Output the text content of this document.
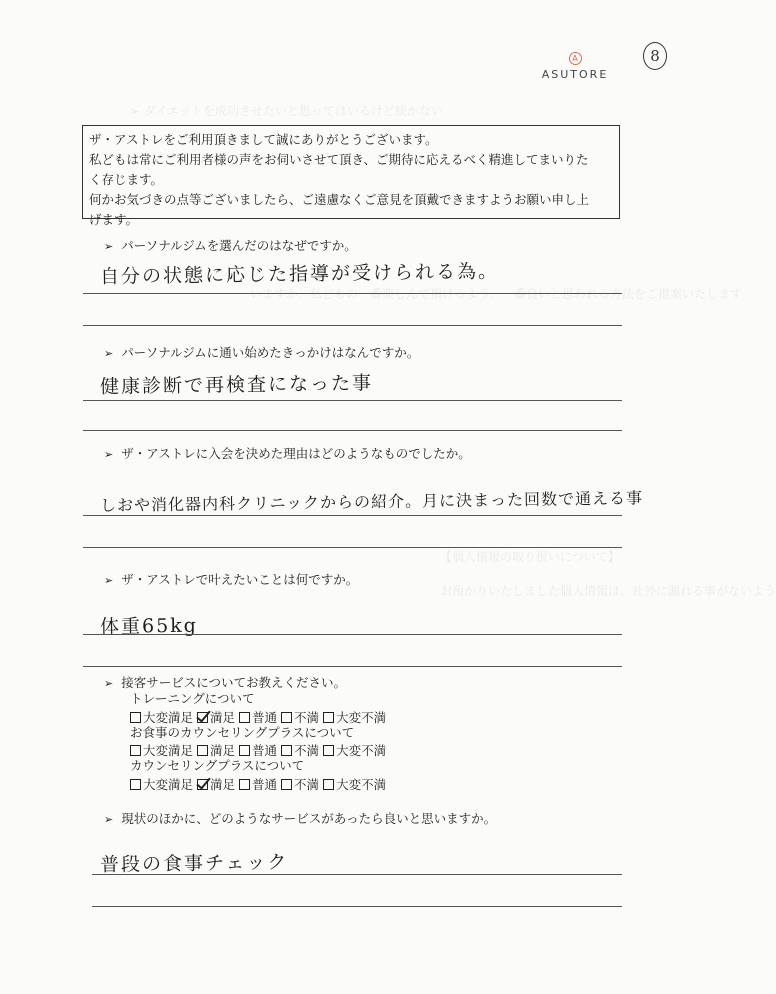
➢ ダイエットを成功させたいと思ってはいるけど続かない
いますか、私どもの一番楽しんで頂けるよう、一番良いと思われる方法をご提案いたします
【個人情報の取り扱いについて】
お預かりいたしました個人情報は、社外に漏れる事がないよう
A
ASUTORE
8

ザ・アストレをご利用頂きまして誠にありがとうございます。

私どもは常にご利用者様の声をお伺いさせて頂き、ご期待に応えるべく精進してまいりた

く存じます。

何かお気づきの点等ございましたら、ご遠慮なくご意見を頂戴できますようお願い申し上

げます。

➢ パーソナルジムを選んだのはなぜですか。
自分の状態に応じた指導が受けられる為。
➢ パーソナルジムに通い始めたきっかけはなんですか。
健康診断で再検査になった事
➢ ザ・アストレに入会を決めた理由はどのようなものでしたか。
しおや消化器内科クリニックからの紹介。月に決まった回数で通える事
➢ ザ・アストレで叶えたいことは何ですか。
体重65kg
➢ 接客サービスについてお教えください。
トレーニングについて
大変満足 満足 普通 不満 大変不満
お食事のカウンセリングプラスについて
大変満足 満足 普通 不満 大変不満
カウンセリングプラスについて
大変満足 満足 普通 不満 大変不満
➢ 現状のほかに、どのようなサービスがあったら良いと思いますか。
普段の食事チェック
